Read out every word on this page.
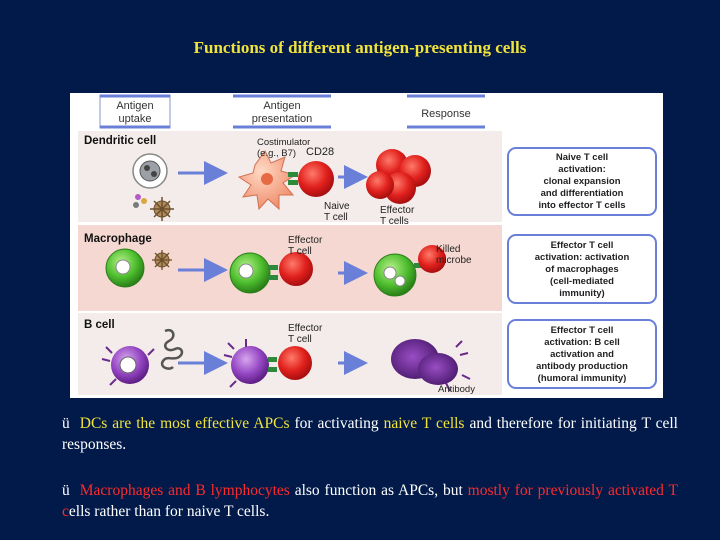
Functions of different antigen-presenting cells
Antigen
uptake
Antigen
presentation	Response
Dendritic cell
Macrophage
B cell
Costimulator
(e.g., B7) CD28
Naive
T cell
Effector
T cells
Effector
T cell	Killed
microbe
Effector
T cell
Antibody
Naive T cell
activation:
clonal expansion
and differentiation
into effector T cells
Effector T cell
activation: activation
of macrophages
(cell-mediated
immunity)
Effector T cell
activation: B cell
activation and
antibody production
(humoral immunity)
ü DCs are the most effective APCs for activating naive T cells and therefore for initiating T cell responses.
ü Macrophages and B lymphocytes also function as APCs, but mostly for previously activated T cells rather than for naive T cells.
